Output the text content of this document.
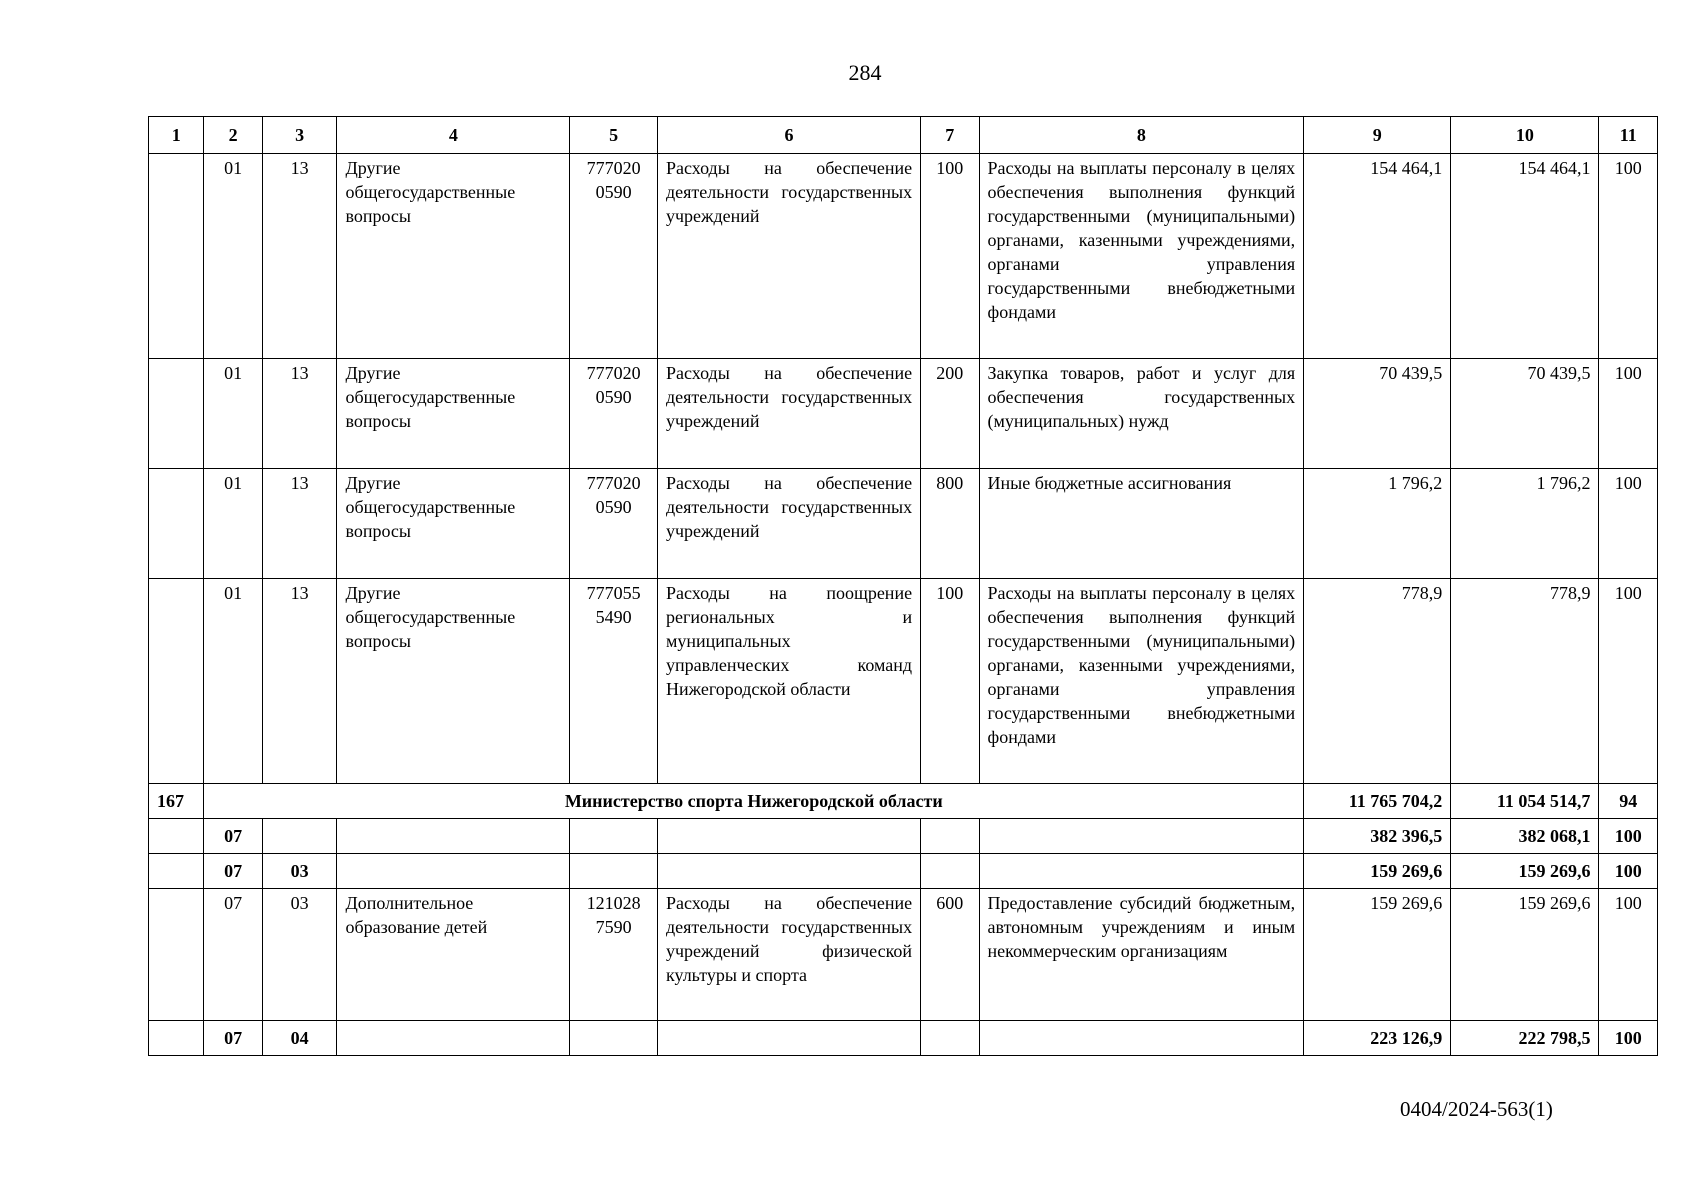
284
1	2	3	4	5	6	7	8	9	10	11
	01	13	Другие общегосударственные вопросы	777020 0590	Расходы на обеспечение деятельности государственных учреждений	100	Расходы на выплаты персоналу в целях обеспечения выполнения функций государственными (муниципальными) органами, казенными учреждениями, органами управления государственными внебюджетными фондами	154 464,1	154 464,1	100
	01	13	Другие общегосударственные вопросы	777020 0590	Расходы на обеспечение деятельности государственных учреждений	200	Закупка товаров, работ и услуг для обеспечения государственных (муниципальных) нужд	70 439,5	70 439,5	100
	01	13	Другие общегосударственные вопросы	777020 0590	Расходы на обеспечение деятельности государственных учреждений	800	Иные бюджетные ассигнования	1 796,2	1 796,2	100
	01	13	Другие общегосударственные вопросы	777055 5490	Расходы на поощрение региональных и муниципальных управленческих команд Нижегородской области	100	Расходы на выплаты персоналу в целях обеспечения выполнения функций государственными (муниципальными) органами, казенными учреждениями, органами управления государственными внебюджетными фондами	778,9	778,9	100
167	Министерство спорта Нижегородской области							11 765 704,2	11 054 514,7	94
	07							382 396,5	382 068,1	100
	07	03						159 269,6	159 269,6	100
	07	03	Дополнительное образование детей	121028 7590	Расходы на обеспечение деятельности государственных учреждений физической культуры и спорта	600	Предоставление субсидий бюджетным, автономным учреждениям и иным некоммерческим организациям	159 269,6	159 269,6	100
	07	04						223 126,9	222 798,5	100
0404/2024-563(1)
